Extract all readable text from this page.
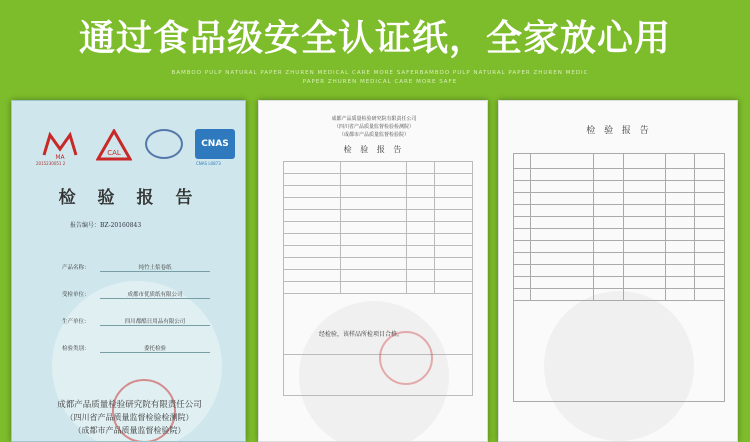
通过食品级安全认证纸，全家放心用
BAMBOO PULP NATURAL PAPER ZHUREN MEDICAL CARE MORE SAFERBAMBOO PULP NATURAL PAPER ZHUREN MEDIC
PAPER ZHUREN MEDICAL CARE MORE SAFE
MA
CAL
CNAS
2015230051 2	CNAS L0873
检 验 报 告
报告编号：BZ-20160843
产品名称：	纯竹土浆卷纸
受检单位：	成都市优质纸有限公司
生产单位：	四川都酷日用品有限公司
检验类别：	委托检验
成都产品质量检验研究院有限责任公司
（四川省产品质量监督检验检测院）
（成都市产品质量监督检验院）
成都产品质量检验研究院有限责任公司
（四川省产品质量监督检验检测院）
（成都市产品质量监督检验院）
检 验 报 告

经检验，该样品所检项目合格。
检 验 报 告
